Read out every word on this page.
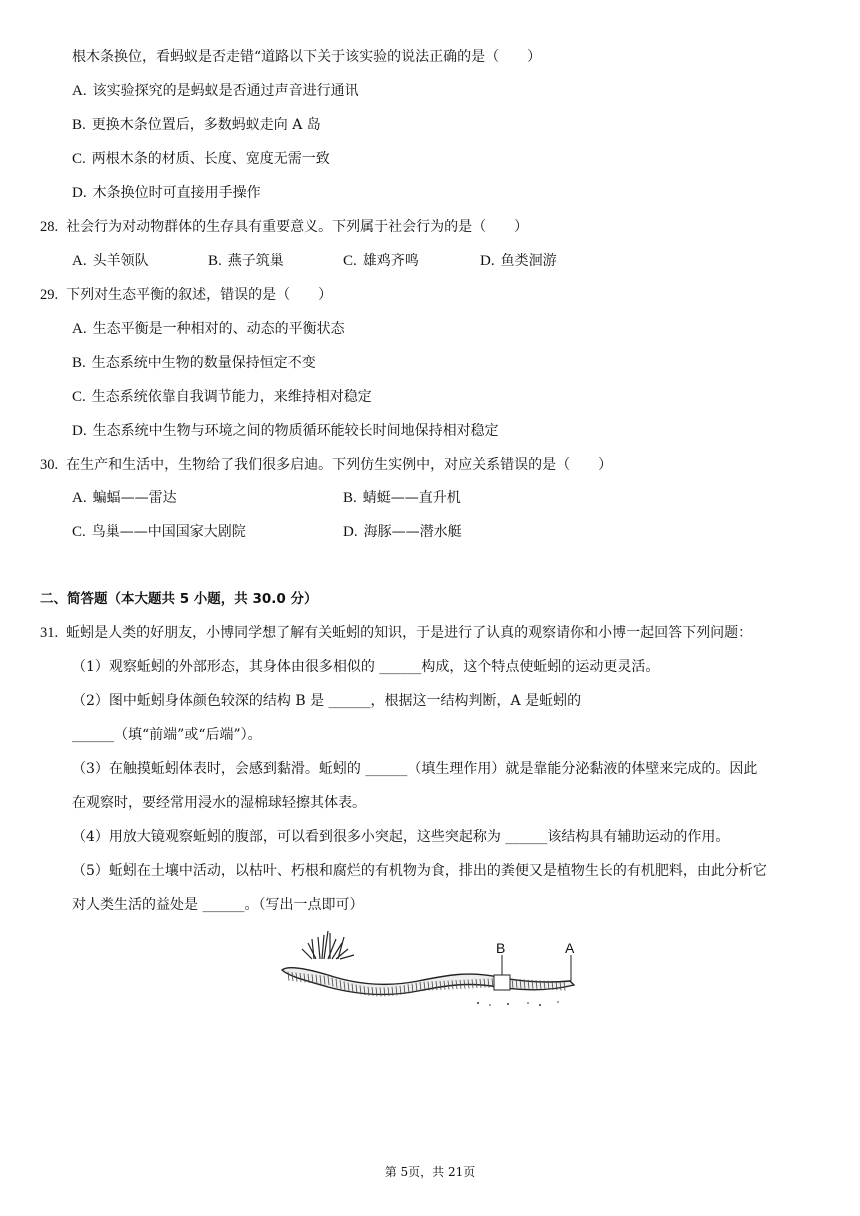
根木条换位，看蚂蚁是否走错“道路以下关于该实验的说法正确的是（　　）
A. 该实验探究的是蚂蚁是否通过声音进行通讯
B. 更换木条位置后，多数蚂蚁走向 A 岛
C. 两根木条的材质、长度、宽度无需一致
D. 木条换位时可直接用手操作
28. 社会行为对动物群体的生存具有重要意义。下列属于社会行为的是（　　）
A. 头羊领队	B. 燕子筑巢	C. 雄鸡齐鸣	D. 鱼类洄游
29. 下列对生态平衡的叙述，错误的是（　　）
A. 生态平衡是一种相对的、动态的平衡状态
B. 生态系统中生物的数量保持恒定不变
C. 生态系统依靠自我调节能力，来维持相对稳定
D. 生态系统中生物与环境之间的物质循环能较长时间地保持相对稳定
30. 在生产和生活中，生物给了我们很多启迪。下列仿生实例中，对应关系错误的是（　　）
A. 蝙蝠——雷达	B. 蜻蜓——直升机
C. 鸟巢——中国国家大剧院	D. 海豚——潜水艇
二、简答题（本大题共 5 小题，共 30.0 分）
31. 蚯蚓是人类的好朋友，小博同学想了解有关蚯蚓的知识，于是进行了认真的观察请你和小博一起回答下列问题：
（1）观察蚯蚓的外部形态，其身体由很多相似的 ______构成，这个特点使蚯蚓的运动更灵活。
（2）图中蚯蚓身体颜色较深的结构 B 是 ______，根据这一结构判断，A 是蚯蚓的
______（填“前端”或“后端”）。
（3）在触摸蚯蚓体表时，会感到黏滑。蚯蚓的 ______（填生理作用）就是靠能分泌黏液的体壁来完成的。因此
在观察时，要经常用浸水的湿棉球轻擦其体表。
（4）用放大镜观察蚯蚓的腹部，可以看到很多小突起，这些突起称为 ______该结构具有辅助运动的作用。
（5）蚯蚓在土壤中活动，以枯叶、朽根和腐烂的有机物为食，排出的粪便又是植物生长的有机肥料，由此分析它
对人类生活的益处是 ______。（写出一点即可）
B	A
第 5页，共 21页
